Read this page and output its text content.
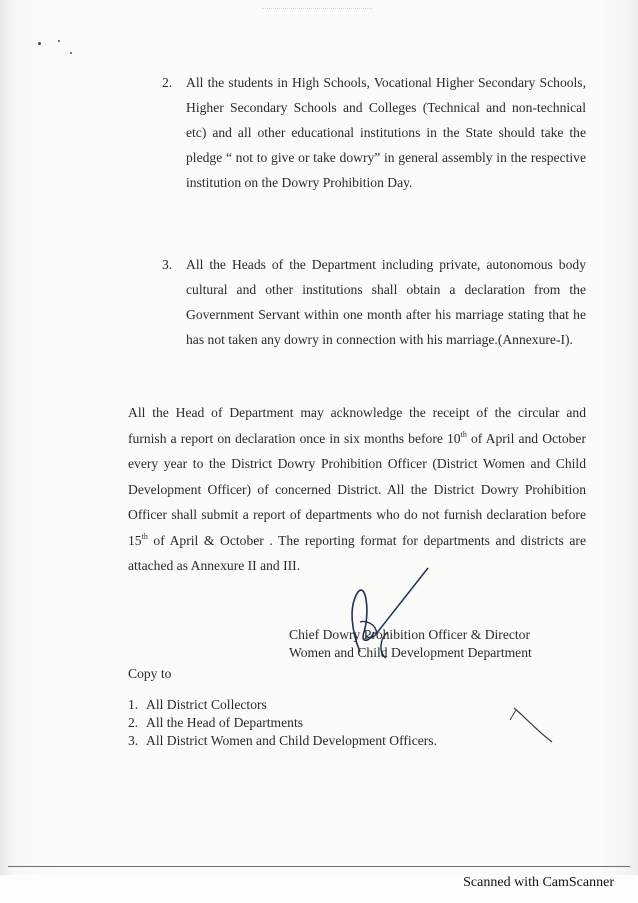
2. All the students in High Schools, Vocational Higher Secondary Schools, Higher Secondary Schools and Colleges (Technical and non-technical etc) and all other educational institutions in the State should take the pledge “ not to give or take dowry” in general assembly in the respective institution on the Dowry Prohibition Day.
3. All the Heads of the Department including private, autonomous body cultural and other institutions shall obtain a declaration from the Government Servant within one month after his marriage stating that he has not taken any dowry in connection with his marriage.(Annexure-I).
All the Head of Department may acknowledge the receipt of the circular and furnish a report on declaration once in six months before 10th of April and October every year to the District Dowry Prohibition Officer (District Women and Child Development Officer) of concerned District. All the District Dowry Prohibition Officer shall submit a report of departments who do not furnish declaration before 15th of April & October . The reporting format for departments and districts are attached as Annexure II and III.
Chief Dowry Prohibition Officer & Director
Women and Child Development Department
Copy to
1. All District Collectors
2. All the Head of Departments
3. All District Women and Child Development Officers.
Scanned with CamScanner
